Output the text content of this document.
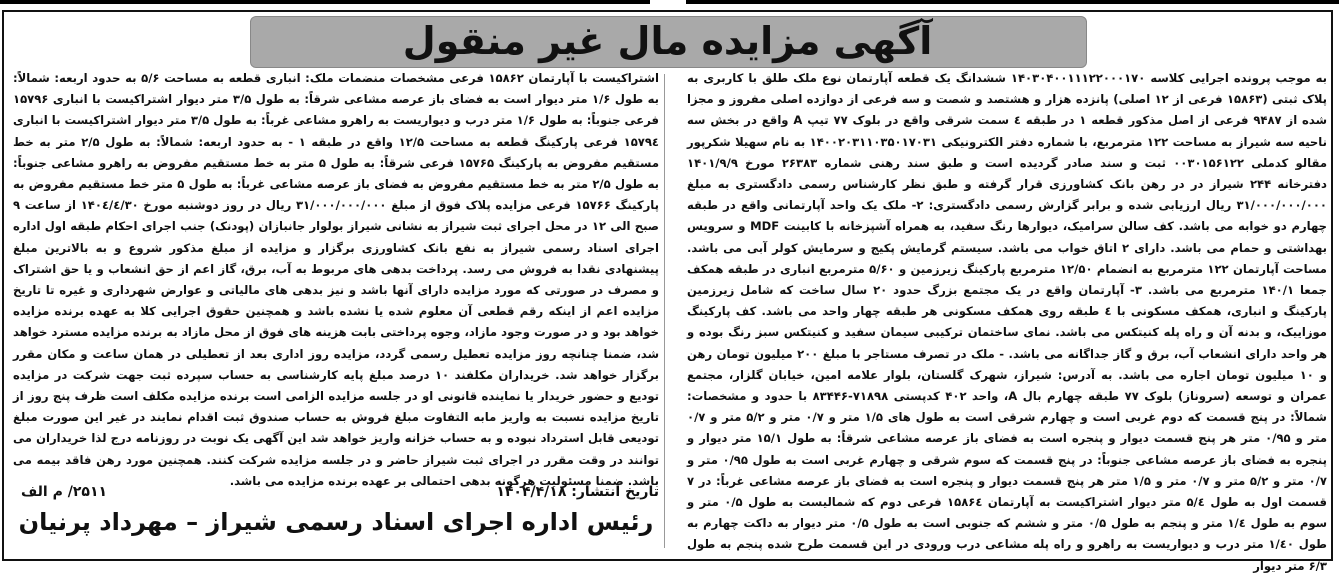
آگهی مزایده مال غیر منقول
به موجب پرونده اجرایی کلاسه ۱۴۰۳۰۴۰۰۱۱۱۲۲۰۰۰۱۷۰ ششدانگ یک قطعه آپارتمان نوع ملک طلق با کاربری به پلاک ثبتی (۱۵۸۶۳ فرعی از ۱۲ اصلی) پانزده هزار و هشتصد و شصت و سه فرعی از دوازده اصلی مفروز و مجزا شده از ۹۴۸۷ فرعی از اصل مذکور قطعه ۱ در طبقه ٤ سمت شرقی واقع در بلوک ۷۷ تیپ A واقع در بخش سه ناحیه سه شیراز به مساحت ۱۲۲ مترمربع، با شماره دفتر الکترونیکی ۱۴۰۰۲۰۳۱۱۰۳۵۰۱۷۰۳۱ به نام سهیلا شکرپور مقالو کدملی ۰۰۳۰۱۵۶۱۲۲ ثبت و سند صادر گردیده است و طبق سند رهنی شماره ۲۶۳۸۳ مورخ ۱۴۰۱/۹/۹ دفترخانه ۲۴۴ شیراز در در رهن بانک کشاورزی قرار گرفته و طبق نظر کارشناس رسمی دادگستری به مبلغ ۳۱/۰۰۰/۰۰۰/۰۰۰ ریال ارزیابی شده و برابر گزارش رسمی دادگستری: ۲- ملک یک واحد آپارتمانی واقع در طبقه چهارم دو خوابه می باشد. کف سالن سرامیک، دیوارها رنگ سفید، به همراه آشپزخانه با کابینت MDF و سرویس بهداشتی و حمام می باشد. دارای ۲ اتاق خواب می باشد. سیستم گرمایش پکیج و سرمایش کولر آبی می باشد. مساحت آپارتمان ۱۲۲ مترمربع به انضمام ۱۲/۵۰ مترمربع پارکینگ زیرزمین و ۵/۶۰ مترمربع انباری در طبقه همکف جمعا ۱۴۰/۱ مترمربع می باشد. ۳- آپارتمان واقع در یک مجتمع بزرگ حدود ۲۰ سال ساخت که شامل زیرزمین پارکینگ و انباری، همکف مسکونی با ٤ طبقه روی همکف مسکونی هر طبقه چهار واحد می باشد. کف پارکینگ موزاییک، و بدنه آن و راه پله کنیتکس می باشد. نمای ساختمان ترکیبی سیمان سفید و کنیتکس سبز رنگ بوده و هر واحد دارای انشعاب آب، برق و گاز جداگانه می باشد. - ملک در تصرف مستاجر با مبلغ ۲۰۰ میلیون تومان رهن و ۱۰ میلیون تومان اجاره می باشد. به آدرس: شیراز، شهرک گلستان، بلوار علامه امین، خیابان گلزار، مجتمع عمران و توسعه (سروناز) بلوک ۷۷ طبقه چهارم بال A، واحد ۴۰۲ کدپستی ۷۱۸۹۸-۸۳۴۴۶ با حدود و مشخصات: شمالاً: در پنج قسمت که دوم غربی است و چهارم شرقی است به طول های ۱/۵ متر و ۰/۷ متر و ۵/۲ متر و ۰/۷ متر و ۰/۹۵ متر هر پنج قسمت دیوار و پنجره است به فضای باز عرصه مشاعی شرقاً: به طول ۱۵/۱ متر دیوار و پنجره به فضای باز عرصه مشاعی جنوباً: در پنج قسمت که سوم شرقی و چهارم غربی است به طول ۰/۹۵ متر و ۰/۷ متر و ۵/۲ متر و ۰/۷ متر و ۱/۵ متر هر پنج قسمت دیوار و پنجره است به فضای باز عرصه مشاعی غرباً: در ۷ قسمت اول به طول ۵/٤ متر دیوار اشتراکیست به آپارتمان ۱۵۸۶٤ فرعی دوم که شمالیست به طول ۰/۵ متر و سوم به طول ۱/٤ متر و پنجم به طول ۰/۵ متر و ششم که جنوبی است به طول ۰/۵ متر دیوار به داکت چهارم به طول ۱/٤۰ متر درب و دیواریست به راهرو و راه پله مشاعی درب ورودی در این قسمت طرح شده پنجم به طول ۶/۳ متر دیوار
اشتراکیست با آپارتمان ۱۵۸۶۲ فرعی مشخصات منضمات ملک: انباری قطعه به مساحت ۵/۶ به حدود اربعه: شمالاً: به طول ۱/۶ متر دیوار است به فضای باز عرصه مشاعی شرقاً: به طول ۳/۵ متر دیوار اشتراکیست با انباری ۱۵۷۹۶ فرعی جنوباً: به طول ۱/۶ متر درب و دیواریست به راهرو مشاعی غرباً: به طول ۳/۵ متر دیوار اشتراکیست با انباری ۱۵۷۹٤ فرعی پارکینگ قطعه به مساحت ۱۲/۵ واقع در طبقه ۱ - به حدود اربعه: شمالاً: به طول ۲/۵ متر به خط مستقیم مفروض به پارکینگ ۱۵۷۶۵ فرعی شرقاً: به طول ۵ متر به خط مستقیم مفروض به راهرو مشاعی جنوباً: به طول ۲/۵ متر به خط مستقیم مفروض به فضای باز عرصه مشاعی غرباً: به طول ۵ متر خط مستقیم مفروض به پارکینگ ۱۵۷۶۶ فرعی مزایده پلاک فوق از مبلغ ۳۱/۰۰۰/۰۰۰/۰۰۰ ریال در روز دوشنبه مورخ ۱۴۰٤/٤/۳۰ از ساعت ۹ صبح الی ۱۲ در محل اجرای ثبت شیراز به نشانی شیراز بولوار جانبازان (پودنک) جنب اجرای احکام طبقه اول اداره اجرای اسناد رسمی شیراز به نفع بانک کشاورزی برگزار و مزایده از مبلغ مذکور شروع و به بالاترین مبلغ پیشنهادی نقدا به فروش می رسد. پرداخت بدهی های مربوط به آب، برق، گاز اعم از حق انشعاب و یا حق اشتراک و مصرف در صورتی که مورد مزایده دارای آنها باشد و نیز بدهی های مالیاتی و عوارض شهرداری و غیره تا تاریخ مزایده اعم از اینکه رقم قطعی آن معلوم شده یا نشده باشد و همچنین حقوق اجرایی کلا به عهده برنده مزایده خواهد بود و در صورت وجود مازاد، وجوه پرداختی بابت هزینه های فوق از محل مازاد به برنده مزایده مسترد خواهد شد، ضمنا چنانچه روز مزایده تعطیل رسمی گردد، مزایده روز اداری بعد از تعطیلی در همان ساعت و مکان مقرر برگزار خواهد شد. خریداران مکلفند ۱۰ درصد مبلغ پایه کارشناسی به حساب سپرده ثبت جهت شرکت در مزایده تودیع و حضور خریدار یا نماینده قانونی او در جلسه مزایده الزامی است برنده مزایده مکلف است ظرف پنج روز از تاریخ مزایده نسبت به واریز مابه التفاوت مبلغ فروش به حساب صندوق ثبت اقدام نمایند در غیر این صورت مبلغ تودیعی قابل استرداد نبوده و به حساب خزانه واریز خواهد شد این آگهی یک نوبت در روزنامه درج لذا خریداران می توانند در وقت مقرر در اجرای ثبت شیراز حاضر و در جلسه مزایده شرکت کنند. همچنین مورد رهن فاقد بیمه می باشد. ضمنا مسئولیت هرگونه بدهی احتمالی بر عهده برنده مزایده می باشد.
تاریخ انتشار: ۱۴۰۴/۴/۱۸
۲۵۱۱/ م الف
رئیس اداره اجرای اسناد رسمی شیراز – مهرداد پرنیان
